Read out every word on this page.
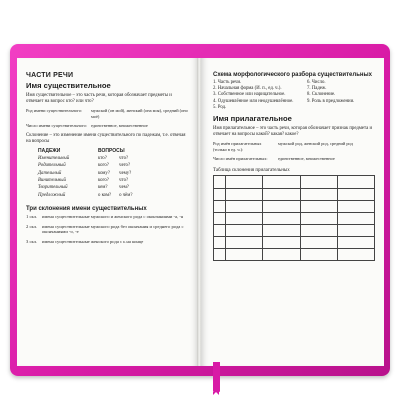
ЧАСТИ РЕЧИ
Имя существительное
Имя существительное – это часть речи, которая обозначает предметы и отвечает на вопрос кто? или что?
Род имени существительного:	мужской (он мой), женский (она моя), средний (оно моё)
Число имени существительного: единственное, множественное
Склонение – это изменение имени существительного по падежам, т.е. отвечая на вопросы
ПАДЕЖИ	ВОПРОСЫ	
Именительный	кто?	что?
Родительный	кого?	чего?
Дательный	кому?	чему?
Винительный	кого?	что?
Творительный	кем?	чем?
Предложный	о ком?	о чём?
Три склонения имени существительных
1 скл. имена существительные мужского и женского рода с окончаниями -а, -я
2 скл. имена существительные мужского рода без окончания и среднего рода с окончаниями -о, -е
3 скл. имена существительные женского рода с ь на конце
Схема морфологического разбора существительных
1. Часть речи.	6. Число.
2. Начальная форма (И. п., ед. ч.).	7. Падеж.
3. Собственное или нарицательное.	8. Склонение.
4. Одушевлённое или неодушевлённое.	9. Роль в предложении.
5. Род.
Имя прилагательное
Имя прилагательное – это часть речи, которая обозначает признак предмета и отвечает на вопросы какой? какая? какое?
Род имён прилагательных (только в ед. ч.):
мужской род, женский род, средний род
Число имён прилагательных:	единственное, множественное
Таблица склонения прилагательных
